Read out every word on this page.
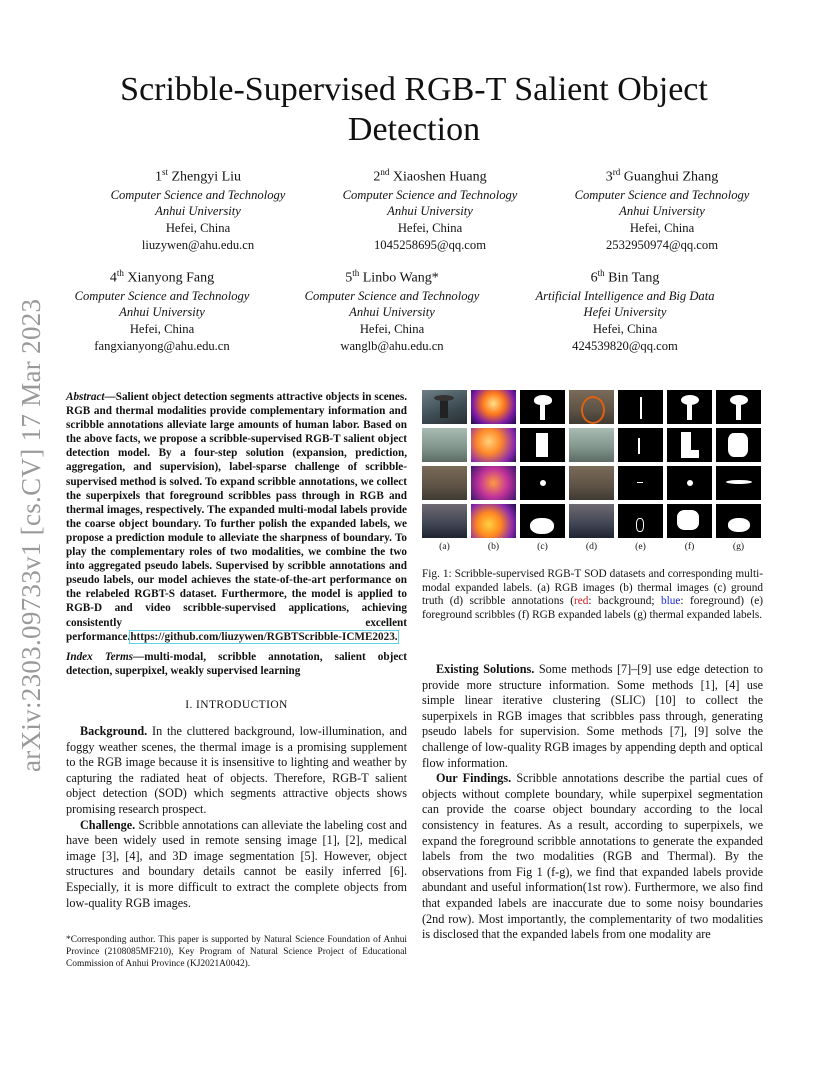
arXiv:2303.09733v1 [cs.CV] 17 Mar 2023
Scribble-Supervised RGB-T Salient Object Detection
1st Zhengyi Liu
Computer Science and Technology
Anhui University
Hefei, China
liuzywen@ahu.edu.cn
2nd Xiaoshen Huang
Computer Science and Technology
Anhui University
Hefei, China
1045258695@qq.com
3rd Guanghui Zhang
Computer Science and Technology
Anhui University
Hefei, China
2532950974@qq.com
4th Xianyong Fang
Computer Science and Technology
Anhui University
Hefei, China
fangxianyong@ahu.edu.cn
5th Linbo Wang*
Computer Science and Technology
Anhui University
Hefei, China
wanglb@ahu.edu.cn
6th Bin Tang
Artificial Intelligence and Big Data
Hefei University
Hefei, China
424539820@qq.com
Abstract—Salient object detection segments attractive objects in scenes. RGB and thermal modalities provide complementary information and scribble annotations alleviate large amounts of human labor. Based on the above facts, we propose a scribble-supervised RGB-T salient object detection model. By a four-step solution (expansion, prediction, aggregation, and supervision), label-sparse challenge of scribble-supervised method is solved. To expand scribble annotations, we collect the superpixels that foreground scribbles pass through in RGB and thermal images, respectively. The expanded multi-modal labels provide the coarse object boundary. To further polish the expanded labels, we propose a prediction module to alleviate the sharpness of boundary. To play the complementary roles of two modalities, we combine the two into aggregated pseudo labels. Supervised by scribble annotations and pseudo labels, our model achieves the state-of-the-art performance on the relabeled RGBT-S dataset. Furthermore, the model is applied to RGB-D and video scribble-supervised applications, achieving consistently excellent performance.https://github.com/liuzywen/RGBTScribble-ICME2023.
Index Terms—multi-modal, scribble annotation, salient object detection, superpixel, weakly supervised learning
I. INTRODUCTION

Background. In the cluttered background, low-illumination, and foggy weather scenes, the thermal image is a promising supplement to the RGB image because it is insensitive to lighting and weather by capturing the radiated heat of objects. Therefore, RGB-T salient object detection (SOD) which segments attractive objects shows promising research prospect.

Challenge. Scribble annotations can alleviate the labeling cost and have been widely used in remote sensing image [1], [2], medical image [3], [4], and 3D image segmentation [5]. However, object structures and boundary details cannot be easily inferred [6]. Especially, it is more difficult to extract the complete objects from low-quality RGB images.

*Corresponding author. This paper is supported by Natural Science Foundation of Anhui Province (2108085MF210), Key Program of Natural Science Project of Educational Commission of Anhui Province (KJ2021A0042).
(a)	(b)	(c)	(d)	(e)	(f)	(g)
Fig. 1: Scribble-supervised RGB-T SOD datasets and corresponding multi-modal expanded labels. (a) RGB images (b) thermal images (c) ground truth (d) scribble annotations (red: background; blue: foreground) (e) foreground scribbles (f) RGB expanded labels (g) thermal expanded labels.

Existing Solutions. Some methods [7]–[9] use edge detection to provide more structure information. Some methods [1], [4] use simple linear iterative clustering (SLIC) [10] to collect the superpixels in RGB images that scribbles pass through, generating pseudo labels for supervision. Some methods [7], [9] solve the challenge of low-quality RGB images by appending depth and optical flow information.

Our Findings. Scribble annotations describe the partial cues of objects without complete boundary, while superpixel segmentation can provide the coarse object boundary according to the local consistency in features. As a result, according to superpixels, we expand the foreground scribble annotations to generate the expanded labels from the two modalities (RGB and Thermal). By the observations from Fig 1 (f-g), we find that expanded labels provide abundant and useful information(1st row). Furthermore, we also find that expanded labels are inaccurate due to some noisy boundaries (2nd row). Most importantly, the complementarity of two modalities is disclosed that the expanded labels from one modality are
